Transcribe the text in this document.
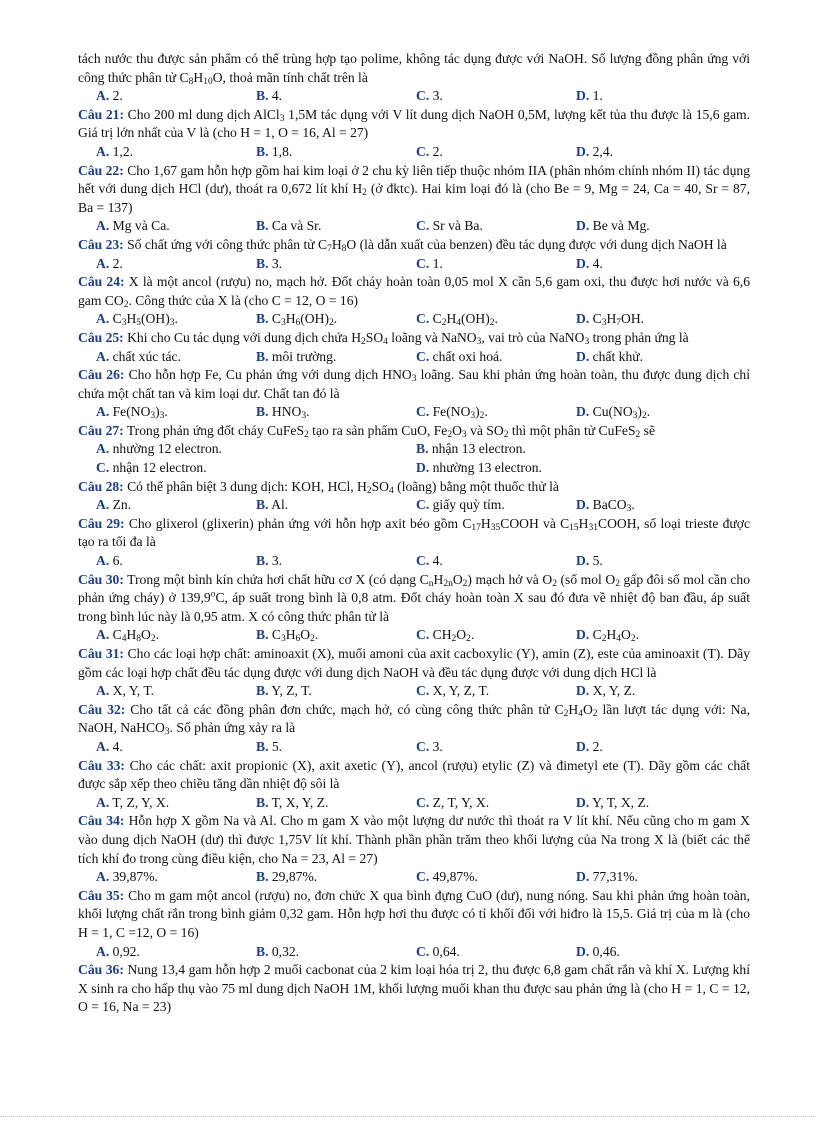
tách nước thu được sản phẩm có thể trùng hợp tạo polime, không tác dụng được với NaOH. Số lượng đồng phân ứng với công thức phân tử $C_8H_{10}O$, thoả mãn tính chất trên là

A. 2.	B. 4.	C. 3.	D. 1.

Câu 21: Cho 200 ml dung dịch AlCl$_3$ 1,5M tác dụng với V lít dung dịch NaOH 0,5M, lượng kết tủa thu được là 15,6 gam. Giá trị lớn nhất của V là (cho H = 1, O = 16, Al = 27)

A. 1,2.	B. 1,8.	C. 2.	D. 2,4.

Câu 22: Cho 1,67 gam hỗn hợp gồm hai kim loại ở 2 chu kỳ liên tiếp thuộc nhóm IIA (phân nhóm chính nhóm II) tác dụng hết với dung dịch HCl (dư), thoát ra 0,672 lít khí $H_2$ (ở đktc). Hai kim loại đó là (cho Be = 9, Mg = 24, Ca = 40, Sr = 87, Ba = 137)

A. Mg và Ca.	B. Ca và Sr.	C. Sr và Ba.	D. Be và Mg.

Câu 23: Số chất ứng với công thức phân tử $C_7H_8O$ (là dẫn xuất của benzen) đều tác dụng được với dung dịch NaOH là

A. 2.	B. 3.	C. 1.	D. 4.

Câu 24: X là một ancol (rượu) no, mạch hở. Đốt cháy hoàn toàn 0,05 mol X cần 5,6 gam oxi, thu được hơi nước và 6,6 gam $CO_2$. Công thức của X là (cho C = 12, O = 16)

A. $C_3H_5(OH)_3$.	B. $C_3H_6(OH)_2$.	C. $C_2H_4(OH)_2$.	D. $C_3H_7OH$.

Câu 25: Khi cho Cu tác dụng với dung dịch chứa $H_2SO_4$ loãng và NaNO$_3$, vai trò của NaNO$_3$ trong phản ứng là

A. chất xúc tác.	B. môi trường.	C. chất oxi hoá.	D. chất khử.

Câu 26: Cho hỗn hợp Fe, Cu phản ứng với dung dịch $HNO_3$ loãng. Sau khi phản ứng hoàn toàn, thu được dung dịch chỉ chứa một chất tan và kim loại dư. Chất tan đó là

A. $Fe(NO_3)_3$.	B. $HNO_3$.	C. $Fe(NO_3)_2$.	D. $Cu(NO_3)_2$.

Câu 27: Trong phản ứng đốt cháy CuFeS$_2$ tạo ra sản phẩm CuO, $Fe_2O_3$ và $SO_2$ thì một phân tử CuFeS$_2$ sẽ

A. nhường 12 electron.	B. nhận 13 electron.
C. nhận 12 electron.	D. nhường 13 electron.

Câu 28: Có thể phân biệt 3 dung dịch: KOH, HCl, $H_2SO_4$ (loãng) bằng một thuốc thử là

A. Zn.	B. Al.	C. giấy quỳ tím.	D. BaCO$_3$.

Câu 29: Cho glixerol (glixerin) phản ứng với hỗn hợp axit béo gồm $C_{17}H_{35}COOH$ và $C_{15}H_{31}COOH$, số loại trieste được tạo ra tối đa là

A. 6.	B. 3.	C. 4.	D. 5.

Câu 30: Trong một bình kín chứa hơi chất hữu cơ X (có dạng $C_nH_{2n}O_2$) mạch hở và $O_2$ (số mol $O_2$ gấp đôi số mol cần cho phản ứng cháy) ở 139,9$^o$C, áp suất trong bình là 0,8 atm. Đốt cháy hoàn toàn X sau đó đưa về nhiệt độ ban đầu, áp suất trong bình lúc này là 0,95 atm. X có công thức phân tử là

A. $C_4H_8O_2$.	B. $C_3H_6O_2$.	C. $CH_2O_2$.	D. $C_2H_4O_2$.

Câu 31: Cho các loại hợp chất: aminoaxit (X), muối amoni của axit cacboxylic (Y), amin (Z), este của aminoaxit (T). Dãy gồm các loại hợp chất đều tác dụng được với dung dịch NaOH và đều tác dụng được với dung dịch HCl là

A. X, Y, T.	B. Y, Z, T.	C. X, Y, Z, T.	D. X, Y, Z.

Câu 32: Cho tất cả các đồng phân đơn chức, mạch hở, có cùng công thức phân tử $C_2H_4O_2$ lần lượt tác dụng với: Na, NaOH, NaHCO$_3$. Số phản ứng xảy ra là

A. 4.	B. 5.	C. 3.	D. 2.

Câu 33: Cho các chất: axit propionic (X), axit axetic (Y), ancol (rượu) etylic (Z) và đimetyl ete (T). Dãy gồm các chất được sắp xếp theo chiều tăng dần nhiệt độ sôi là

A. T, Z, Y, X.	B. T, X, Y, Z.	C. Z, T, Y, X.	D. Y, T, X, Z.

Câu 34: Hỗn hợp X gồm Na và Al. Cho m gam X vào một lượng dư nước thì thoát ra V lít khí. Nếu cũng cho m gam X vào dung dịch NaOH (dư) thì được 1,75V lít khí. Thành phần phần trăm theo khối lượng của Na trong X là (biết các thể tích khí đo trong cùng điều kiện, cho Na = 23, Al = 27)

A. 39,87%.	B. 29,87%.	C. 49,87%.	D. 77,31%.

Câu 35: Cho m gam một ancol (rượu) no, đơn chức X qua bình đựng CuO (dư), nung nóng. Sau khi phản ứng hoàn toàn, khối lượng chất rắn trong bình giảm 0,32 gam. Hỗn hợp hơi thu được có tỉ khối đối với hiđro là 15,5. Giá trị của m là (cho H = 1, C =12, O = 16)

A. 0,92.	B. 0,32.	C. 0,64.	D. 0,46.

Câu 36: Nung 13,4 gam hỗn hợp 2 muối cacbonat của 2 kim loại hóa trị 2, thu được 6,8 gam chất rắn và khí X. Lượng khí X sinh ra cho hấp thụ vào 75 ml dung dịch NaOH 1M, khối lượng muối khan thu được sau phản ứng là (cho H = 1, C = 12, O = 16, Na = 23)
